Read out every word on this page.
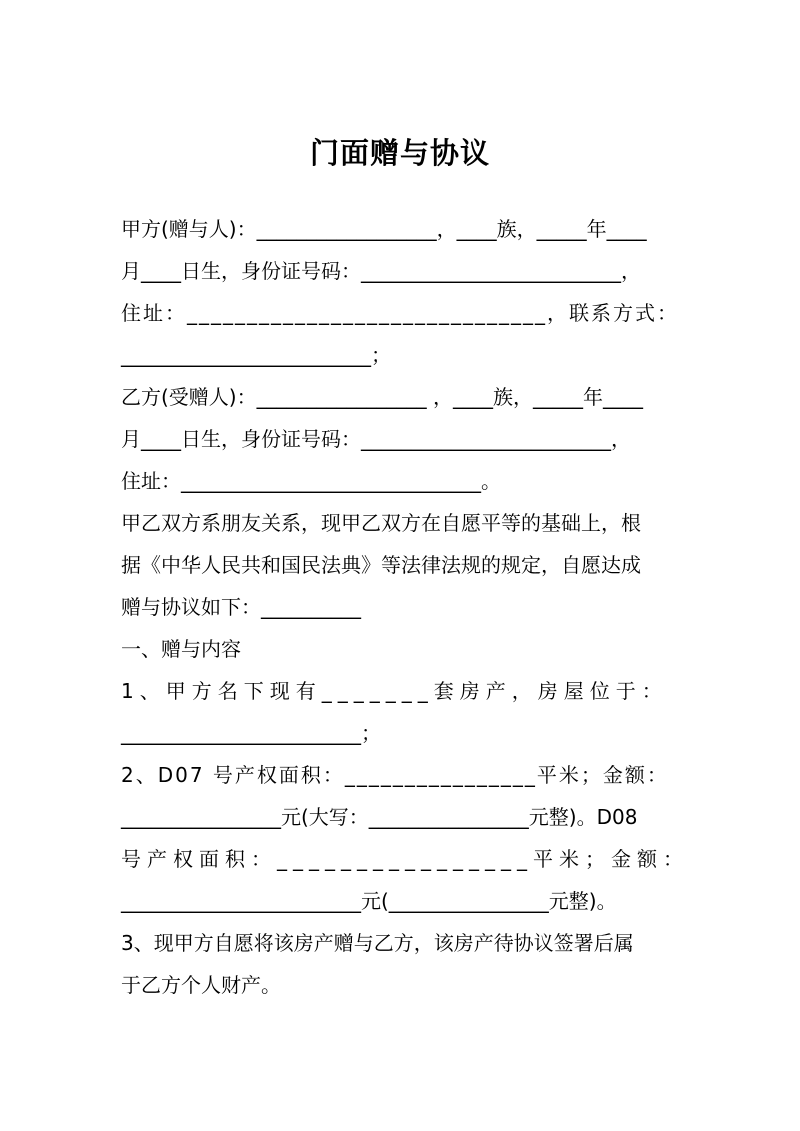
门面赠与协议

甲方(赠与人)：__________________，____族，_____年____

月____日生，身份证号码：__________________________，

住址：______________________________，联系方式：

_________________________；

乙方(受赠人)：_________________ ，____族，_____年____

月____日生，身份证号码：_________________________，

住址：______________________________。

甲乙双方系朋友关系，现甲乙双方在自愿平等的基础上，根

据《中华人民共和国民法典》等法律法规的规定，自愿达成

赠与协议如下：__________

一、赠与内容

1、甲方名下现有_______套房产，房屋位于：

________________________；

2、D07 号产权面积：________________平米；金额：

________________元(大写：________________元整)。D08

号产权面积：________________平米；金额：

________________________元(________________元整)。

3、现甲方自愿将该房产赠与乙方，该房产待协议签署后属

于乙方个人财产。
